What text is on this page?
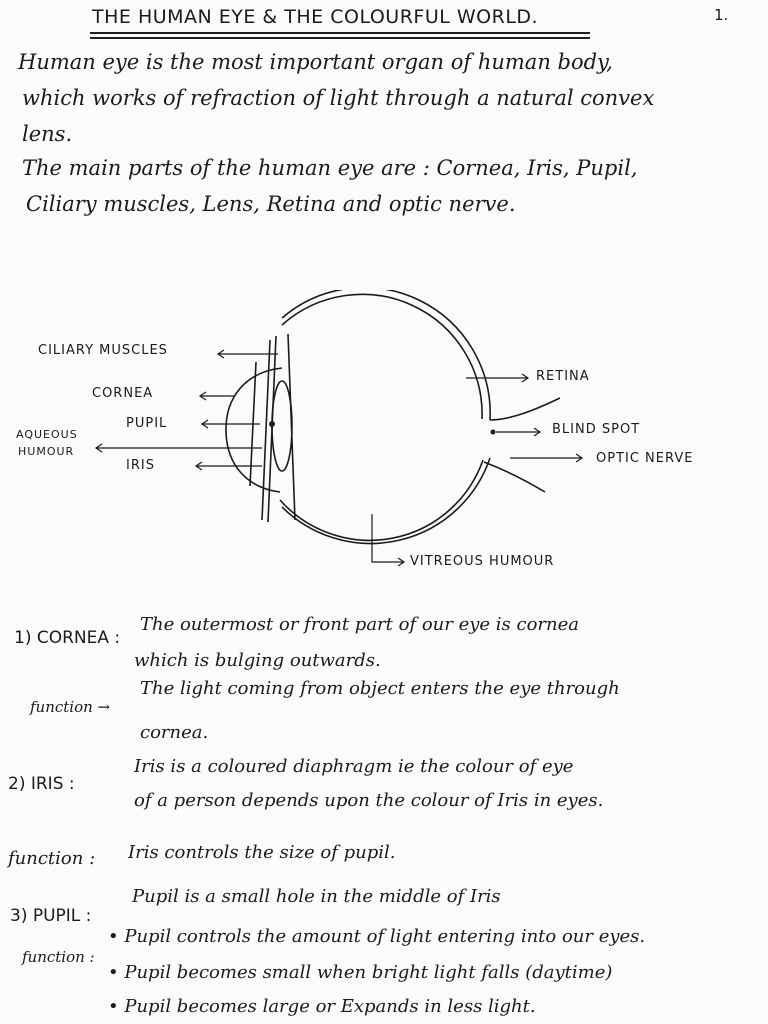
THE HUMAN EYE & THE COLOURFUL WORLD.	1.
Human eye is the most important organ of human body,
which works of refraction of light through a natural convex
lens.
The main parts of the human eye are : Cornea, Iris, Pupil,
Ciliary muscles, Lens, Retina and optic nerve.
CILIARY MUSCLES
CORNEA
PUPIL
AQUEOUS
HUMOUR
IRIS
RETINA
BLIND SPOT
OPTIC NERVE
VITREOUS HUMOUR
1) CORNEA :
The outermost or front part of our eye is cornea
which is bulging outwards.
function →
The light coming from object enters the eye through
cornea.
2) IRIS :
Iris is a coloured diaphragm ie the colour of eye
of a person depends upon the colour of Iris in eyes.
function : Iris controls the size of pupil.
3) PUPIL :
Pupil is a small hole in the middle of Iris
function :
• Pupil controls the amount of light entering into our eyes.
• Pupil becomes small when bright light falls (daytime)
• Pupil becomes large or Expands in less light.
